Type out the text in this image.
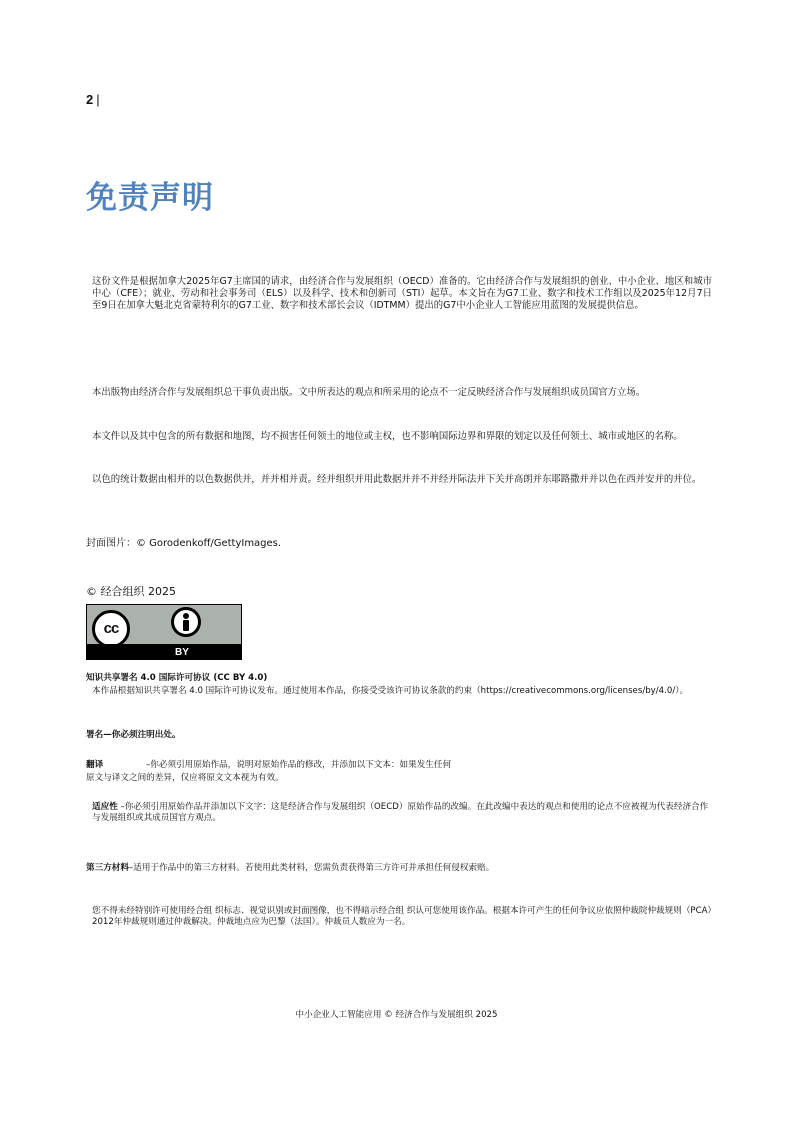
2 |
免责声明
这份文件是根据加拿大2025年G7主席国的请求，由经济合作与发展组织（OECD）准备的。它由经济合作与发展组织的创业、中小企业、地区和城市中心（CFE）；就业、劳动和社会事务司（ELS）以及科学、技术和创新司（STI）起草。本文旨在为G7工业、数字和技术工作组以及2025年12月7日至9日在加拿大魁北克省蒙特利尔的G7工业、数字和技术部长会议（IDTMM）提出的G7中小企业人工智能应用蓝图的发展提供信息。
本出版物由经济合作与发展组织总干事负责出版。文中所表达的观点和所采用的论点不一定反映经济合作与发展组织成员国官方立场。
本文件以及其中包含的所有数据和地图，均不损害任何领土的地位或主权，也不影响国际边界和界限的划定以及任何领土、城市或地区的名称。
以色的统计数据由相并的以色数据供并，并并相并责。经并组织并用此数据并并不并经并际法并下关并高朗并东耶路撒并并以色在西并安并的并位。
封面图片：© Gorodenkoff/GettyImages.
© 经合组织 2025
cc
BY
知识共享署名 4.0 国际许可协议 (CC BY 4.0)
本作品根据知识共享署名 4.0 国际许可协议发布。通过使用本作品，你接受受该许可协议条款的约束（https://creativecommons.org/licenses/by/4.0/）。
署名—你必须注明出处。
翻译	–你必须引用原始作品，说明对原始作品的修改，并添加以下文本：如果发生任何
原文与译文之间的差异，仅应将原文文本视为有效。
适应性 –你必须引用原始作品并添加以下文字：这是经济合作与发展组织（OECD）原始作品的改编。在此改编中表达的观点和使用的论点不应被视为代表经济合作与发展组织或其成员国官方观点。
第三方材料–适用于作品中的第三方材料。若使用此类材料，您需负责获得第三方许可并承担任何侵权索赔。
您不得未经特别许可使用经合组 织标志、视觉识别或封面图像，也不得暗示经合组 织认可您使用该作品。根据本许可产生的任何争议应依照仲裁院仲裁规则（PCA）2012年仲裁规则通过仲裁解决。仲裁地点应为巴黎（法国）。仲裁员人数应为一名。
中小企业人工智能应用 © 经济合作与发展组织 2025
